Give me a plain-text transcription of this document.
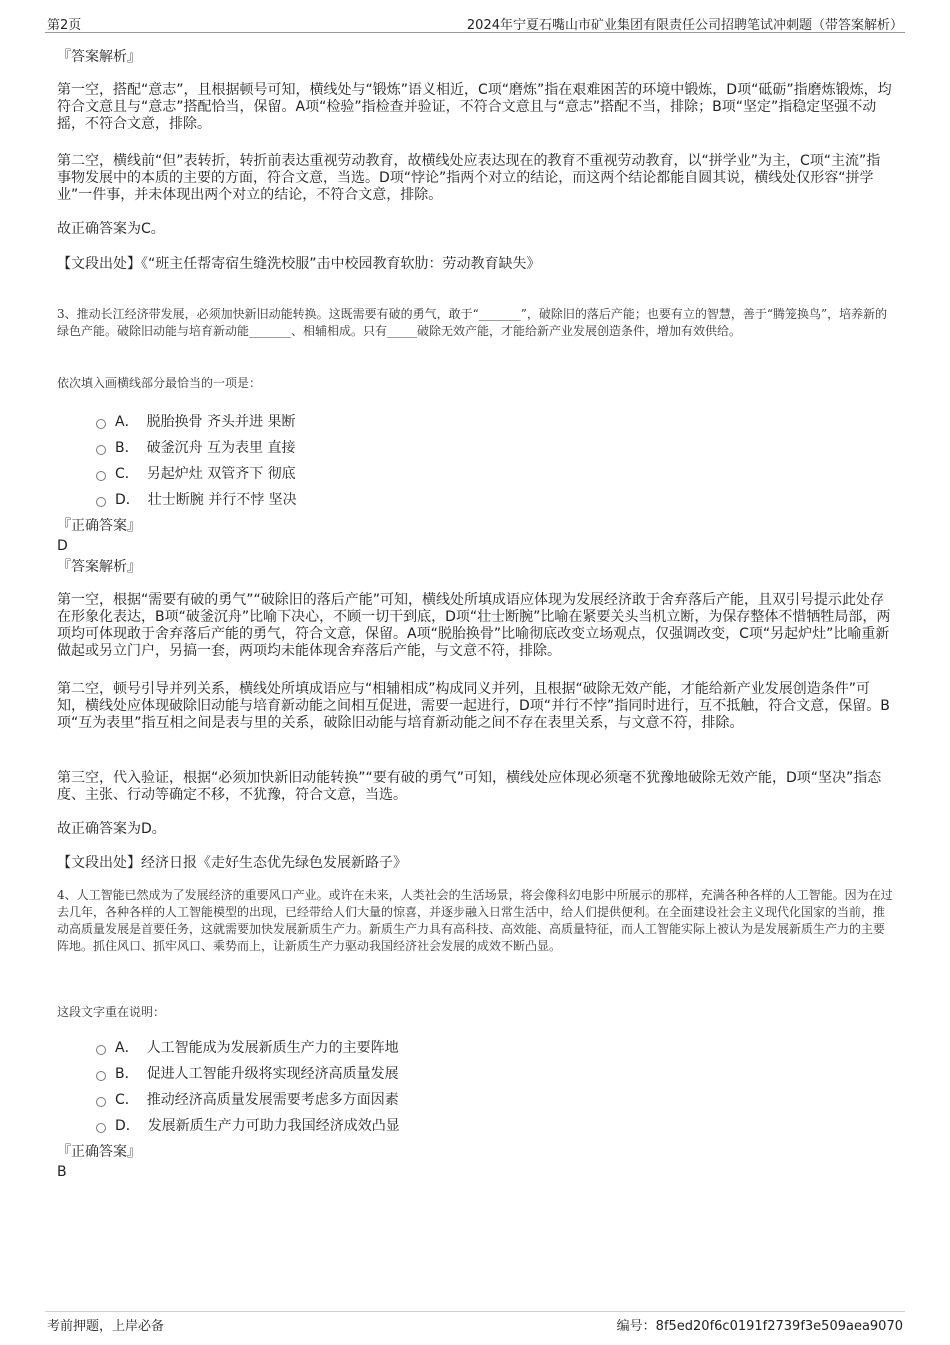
第2页	2024年宁夏石嘴山市矿业集团有限责任公司招聘笔试冲刺题（带答案解析）

『答案解析』

第一空，搭配“意志”，且根据顿号可知，横线处与“锻炼”语义相近，C项“磨炼”指在艰难困苦的环境中锻炼，D项“砥砺”指磨炼锻炼，均符合文意且与“意志”搭配恰当，保留。A项“检验”指检查并验证，不符合文意且与“意志”搭配不当，排除；B项“坚定”指稳定坚强不动摇，不符合文意，排除。

第二空，横线前“但”表转折，转折前表达重视劳动教育，故横线处应表达现在的教育不重视劳动教育，以“拼学业”为主，C项“主流”指事物发展中的本质的主要的方面，符合文意，当选。D项“悖论”指两个对立的结论，而这两个结论都能自圆其说，横线处仅形容“拼学业”一件事，并未体现出两个对立的结论，不符合文意，排除。

故正确答案为C。

【文段出处】《“班主任帮寄宿生缝洗校服”击中校园教育软肋：劳动教育缺失》

3、推动长江经济带发展，必须加快新旧动能转换。这既需要有破的勇气，敢于“_______”，破除旧的落后产能；也要有立的智慧，善于“腾笼换鸟”，培养新的绿色产能。破除旧动能与培育新动能_______、相辅相成。只有_____破除无效产能，才能给新产业发展创造条件，增加有效供给。

依次填入画横线部分最恰当的一项是：

A． 脱胎换骨 齐头并进 果断
B． 破釜沉舟 互为表里 直接
C． 另起炉灶 双管齐下 彻底
D． 壮士断腕 并行不悖 坚决

『正确答案』

D

『答案解析』

第一空，根据“需要有破的勇气”“破除旧的落后产能”可知，横线处所填成语应体现为发展经济敢于舍弃落后产能，且双引号提示此处存在形象化表达，B项“破釜沉舟”比喻下决心，不顾一切干到底，D项“壮士断腕”比喻在紧要关头当机立断，为保存整体不惜牺牲局部，两项均可体现敢于舍弃落后产能的勇气，符合文意，保留。A项“脱胎换骨”比喻彻底改变立场观点，仅强调改变，C项“另起炉灶”比喻重新做起或另立门户，另搞一套，两项均未能体现舍弃落后产能，与文意不符，排除。

第二空，顿号引导并列关系，横线处所填成语应与“相辅相成”构成同义并列，且根据“破除无效产能，才能给新产业发展创造条件”可知，横线处应体现破除旧动能与培育新动能之间相互促进，需要一起进行，D项“并行不悖”指同时进行，互不抵触，符合文意，保留。B项“互为表里”指互相之间是表与里的关系，破除旧动能与培育新动能之间不存在表里关系，与文意不符，排除。

第三空，代入验证，根据“必须加快新旧动能转换”“要有破的勇气”可知，横线处应体现必须毫不犹豫地破除无效产能，D项“坚决”指态度、主张、行动等确定不移，不犹豫，符合文意，当选。

故正确答案为D。

【文段出处】经济日报《走好生态优先绿色发展新路子》

4、人工智能已然成为了发展经济的重要风口产业。或许在未来，人类社会的生活场景，将会像科幻电影中所展示的那样，充满各种各样的人工智能。因为在过去几年，各种各样的人工智能模型的出现，已经带给人们大量的惊喜，并逐步融入日常生活中，给人们提供便利。在全面建设社会主义现代化国家的当前，推动高质量发展是首要任务，这就需要加快发展新质生产力。新质生产力具有高科技、高效能、高质量特征，而人工智能实际上被认为是发展新质生产力的主要阵地。抓住风口、抓牢风口、乘势而上，让新质生产力驱动我国经济社会发展的成效不断凸显。

这段文字重在说明：

A． 人工智能成为发展新质生产力的主要阵地
B． 促进人工智能升级将实现经济高质量发展
C． 推动经济高质量发展需要考虑多方面因素
D． 发展新质生产力可助力我国经济成效凸显

『正确答案』

B

考前押题，上岸必备	编号：8f5ed20f6c0191f2739f3e509aea9070
